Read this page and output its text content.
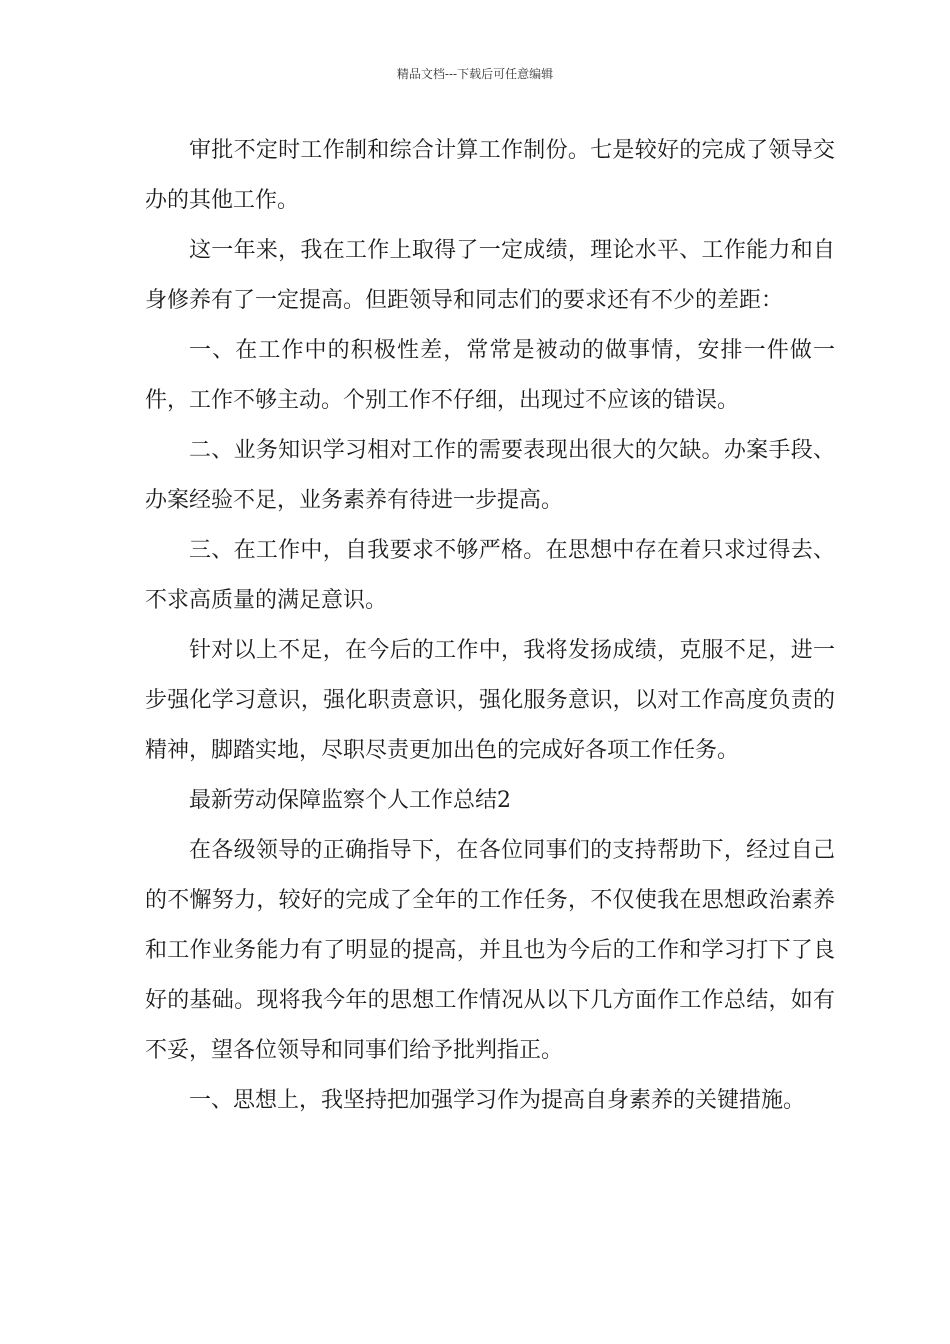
精品文档---下载后可任意编辑

审批不定时工作制和综合计算工作制份。七是较好的完成了领导交办的其他工作。

这一年来，我在工作上取得了一定成绩，理论水平、工作能力和自身修养有了一定提高。但距领导和同志们的要求还有不少的差距：

一、在工作中的积极性差，常常是被动的做事情，安排一件做一件，工作不够主动。个别工作不仔细，出现过不应该的错误。

二、业务知识学习相对工作的需要表现出很大的欠缺。办案手段、办案经验不足，业务素养有待进一步提高。

三、在工作中，自我要求不够严格。在思想中存在着只求过得去、不求高质量的满足意识。

针对以上不足，在今后的工作中，我将发扬成绩，克服不足，进一步强化学习意识，强化职责意识，强化服务意识，以对工作高度负责的精神，脚踏实地，尽职尽责更加出色的完成好各项工作任务。

最新劳动保障监察个人工作总结2

在各级领导的正确指导下，在各位同事们的支持帮助下，经过自己的不懈努力，较好的完成了全年的工作任务，不仅使我在思想政治素养和工作业务能力有了明显的提高，并且也为今后的工作和学习打下了良好的基础。现将我今年的思想工作情况从以下几方面作工作总结，如有不妥，望各位领导和同事们给予批判指正。

一、思想上，我坚持把加强学习作为提高自身素养的关键措施。
